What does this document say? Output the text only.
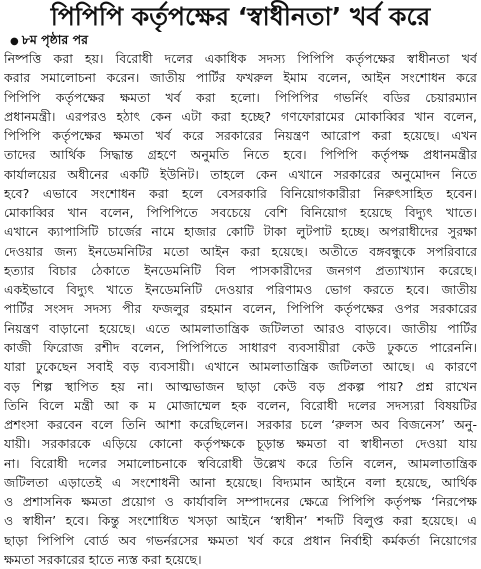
পিপিপি কর্তৃপক্ষের ‘স্বাধীনতা’ খর্ব করে
● ৮ম পৃষ্ঠার পর
নিষ্পত্তি করা হয়। বিরোধী দলের একাধিক সদস্য পিপিপি কর্তৃপক্ষের স্বাধীনতা খর্ব
করার সমালোচনা করেন। জাতীয় পার্টির ফখরুল ইমাম বলেন, আইন সংশোধন করে
পিপিপি কর্তৃপক্ষের ক্ষমতা খর্ব করা হলো। পিপিপির গভর্নিং বডির চেয়ারম্যান
প্রধানমন্ত্রী। এরপরও হঠাৎ কেন এটা করা হচ্ছে? গণফোরামের মোকাব্বির খান বলেন,
পিপিপি কর্তৃপক্ষের ক্ষমতা খর্ব করে সরকারের নিয়ন্ত্রণ আরোপ করা হয়েছে। এখন
তাদের আর্থিক সিদ্ধান্ত গ্রহণে অনুমতি নিতে হবে। পিপিপি কর্তৃপক্ষ প্রধানমন্ত্রীর
কার্যালয়ের অধীনের একটি ইউনিট। তাহলে কেন এখানে সরকারের অনুমোদন নিতে
হবে? এভাবে সংশোধন করা হলে বেসরকারি বিনিয়োগকারীরা নিরুৎসাহিত হবেন।
মোকাব্বির খান বলেন, পিপিপিতে সবচেয়ে বেশি বিনিয়োগ হয়েছে বিদ্যুৎ খাতে।
এখানে ক্যাপাসিটি চার্জের নামে হাজার কোটি টাকা লুটপাট হচ্ছে। অপরাধীদের সুরক্ষা
দেওয়ার জন্য ইনডেমনিটির মতো আইন করা হয়েছে। অতীতে বঙ্গবন্ধুকে সপরিবারে
হত্যার বিচার ঠেকাতে ইনডেমনিটি বিল পাসকারীদের জনগণ প্রত্যাখ্যান করেছে।
একইভাবে বিদ্যুৎ খাতে ইনডেমনিটি দেওয়ার পরিণামও ভোগ করতে হবে। জাতীয়
পার্টির সংসদ সদস্য পীর ফজলুর রহমান বলেন, পিপিপি কর্তৃপক্ষের ওপর সরকারের
নিয়ন্ত্রণ বাড়ানো হয়েছে। এতে আমলাতান্ত্রিক জটিলতা আরও বাড়বে। জাতীয় পার্টির
কাজী ফিরোজ রশীদ বলেন, পিপিপিতে সাধারণ ব্যবসায়ীরা কেউ ঢুকতে পারেননি।
যারা ঢুকেছেন সবাই বড় ব্যবসায়ী। এখানে আমলাতান্ত্রিক জটিলতা আছে। এ কারণে
বড় শিল্প স্থাপিত হয় না। আত্মভাজন ছাড়া কেউ বড় প্রকল্প পায়? প্রশ্ন রাখেন
তিনি বিলে মন্ত্রী আ ক ম মোজাম্মেল হক বলেন, বিরোধী দলের সদস্যরা বিষয়টির
প্রশংসা করবেন বলে তিনি আশা করেছিলেন। সরকার চলে ‘রুলস অব বিজনেস’ অনু-
যায়ী। সরকারকে এড়িয়ে কোনো কর্তৃপক্ষকে চূড়ান্ত ক্ষমতা বা স্বাধীনতা দেওয়া যায়
না। বিরোধী দলের সমালোচনাকে স্ববিরোধী উল্লেখ করে তিনি বলেন, আমলাতান্ত্রিক
জটিলতা এড়াতেই এ সংশোধনী আনা হয়েছে। বিদ্যমান আইনে বলা হয়েছে, আর্থিক
ও প্রশাসনিক ক্ষমতা প্রয়োগ ও কার্যাবলি সম্পাদনের ক্ষেত্রে পিপিপি কর্তৃপক্ষ ‘নিরপেক্ষ
ও স্বাধীন’ হবে। কিন্তু সংশোধিত খসড়া আইনে ‘স্বাধীন’ শব্দটি বিলুপ্ত করা হয়েছে। এ
ছাড়া পিপিপি বোর্ড অব গভর্নরসের ক্ষমতা খর্ব করে প্রধান নির্বাহী কর্মকর্তা নিয়োগের
ক্ষমতা সরকারের হাতে ন্যস্ত করা হয়েছে।
